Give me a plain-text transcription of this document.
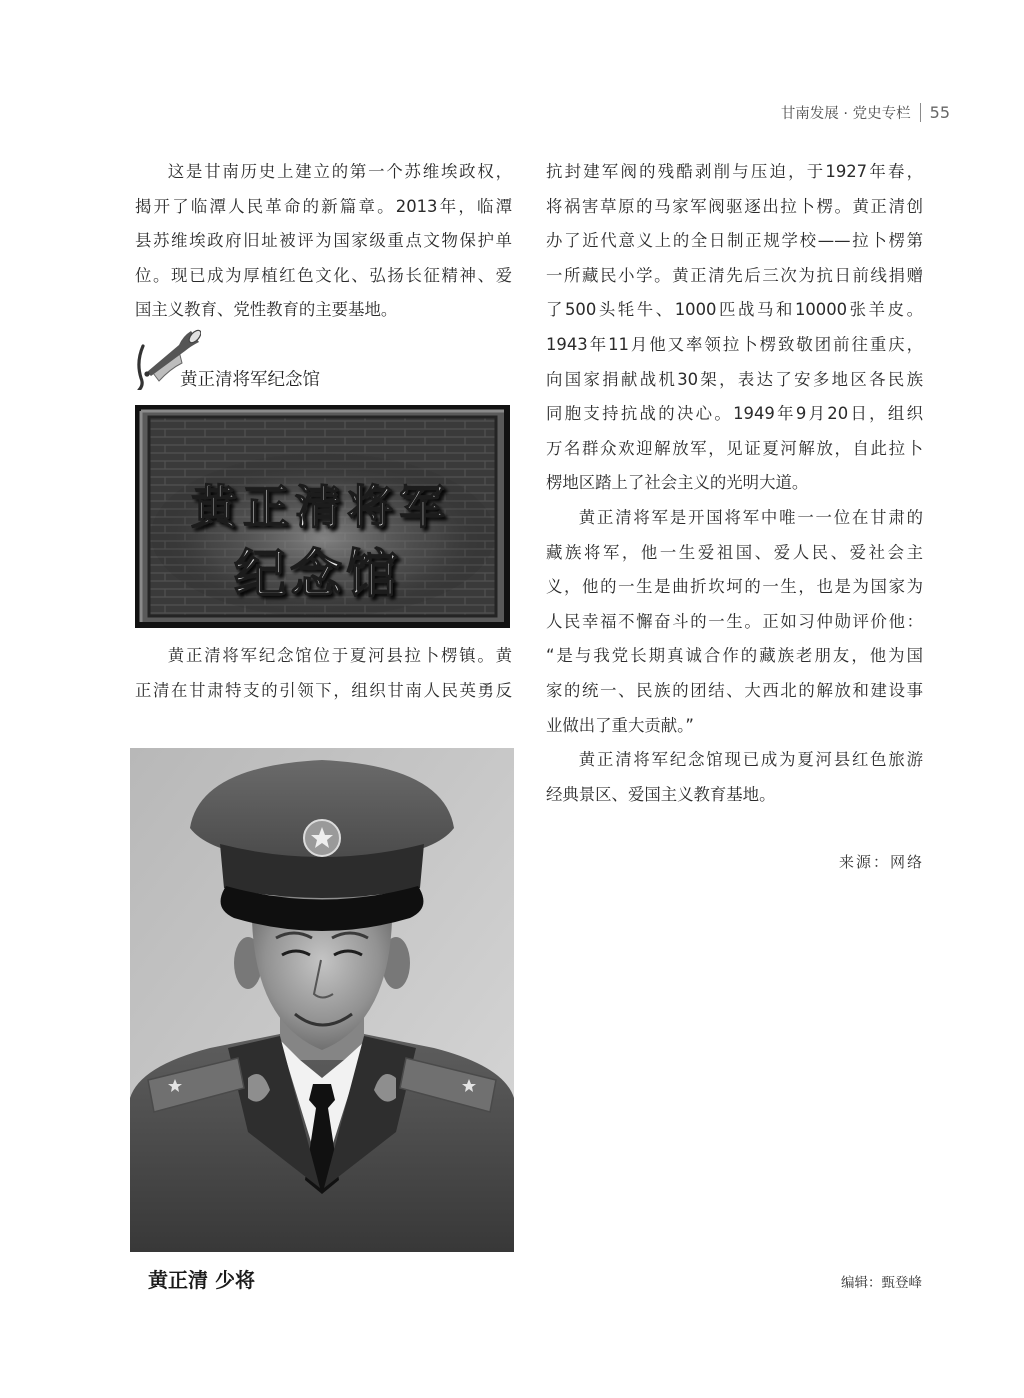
甘南发展 · 党史专栏 55
这是甘南历史上建立的第一个苏维埃政权，
揭开了临潭人民革命的新篇章。2013年，临潭
县苏维埃政府旧址被评为国家级重点文物保护单
位。现已成为厚植红色文化、弘扬长征精神、爱
国主义教育、党性教育的主要基地。
黄正清将军纪念馆
黄正清将军
纪念馆
黄正清将军纪念馆位于夏河县拉卜楞镇。黄
正清在甘肃特支的引领下，组织甘南人民英勇反
黄正清 少将
抗封建军阀的残酷剥削与压迫，于1927年春，
将祸害草原的马家军阀驱逐出拉卜楞。黄正清创
办了近代意义上的全日制正规学校——拉卜楞第
一所藏民小学。黄正清先后三次为抗日前线捐赠
了500头牦牛、1000匹战马和10000张羊皮。
1943年11月他又率领拉卜楞致敬团前往重庆，
向国家捐献战机30架，表达了安多地区各民族
同胞支持抗战的决心。1949年9月20日，组织
万名群众欢迎解放军，见证夏河解放，自此拉卜
楞地区踏上了社会主义的光明大道。
黄正清将军是开国将军中唯一一位在甘肃的
藏族将军，他一生爱祖国、爱人民、爱社会主
义，他的一生是曲折坎坷的一生，也是为国家为
人民幸福不懈奋斗的一生。正如习仲勋评价他：
“是与我党长期真诚合作的藏族老朋友，他为国
家的统一、民族的团结、大西北的解放和建设事
业做出了重大贡献。”
黄正清将军纪念馆现已成为夏河县红色旅游
经典景区、爱国主义教育基地。
来源：网络
编辑：甄登峰
